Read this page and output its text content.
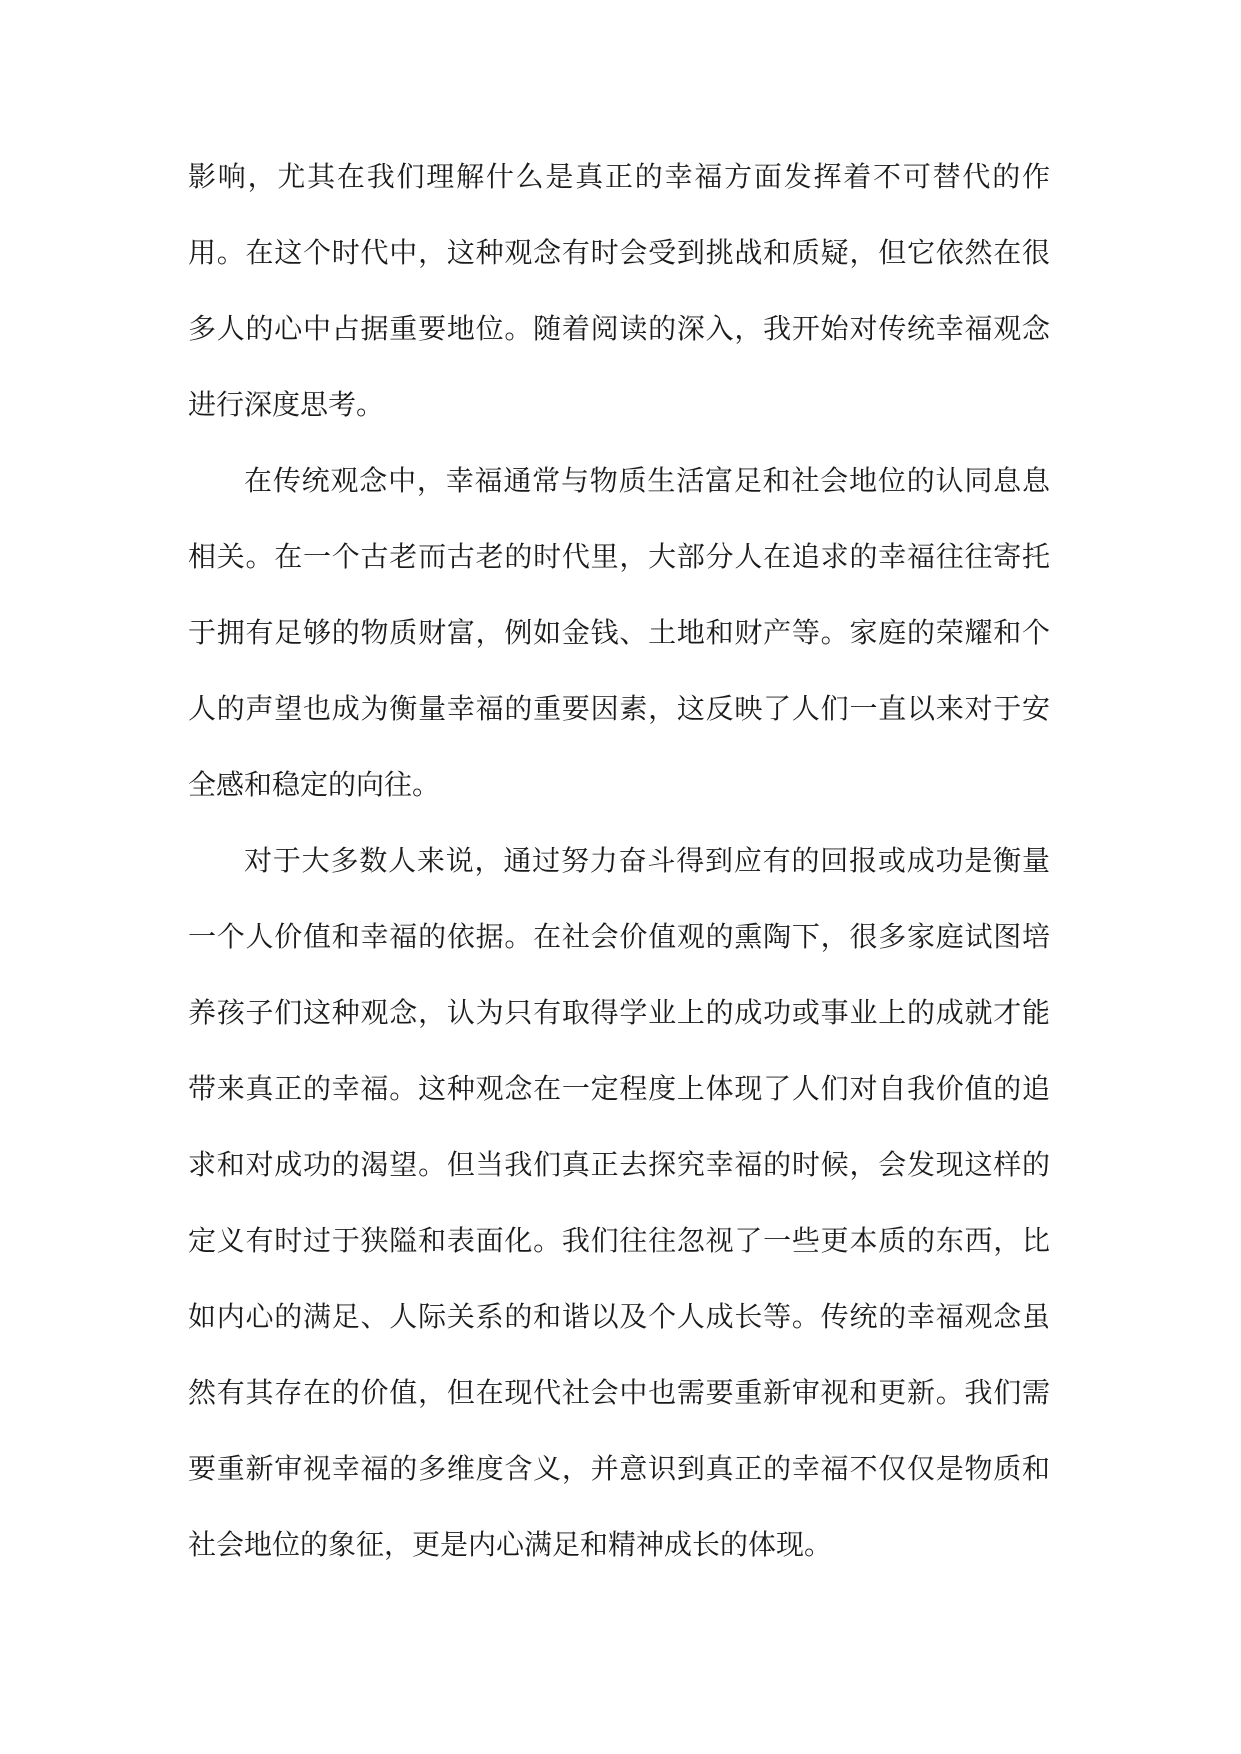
影响，尤其在我们理解什么是真正的幸福方面发挥着不可替代的作用。在这个时代中，这种观念有时会受到挑战和质疑，但它依然在很多人的心中占据重要地位。随着阅读的深入，我开始对传统幸福观念进行深度思考。

在传统观念中，幸福通常与物质生活富足和社会地位的认同息息相关。在一个古老而古老的时代里，大部分人在追求的幸福往往寄托于拥有足够的物质财富，例如金钱、土地和财产等。家庭的荣耀和个人的声望也成为衡量幸福的重要因素，这反映了人们一直以来对于安全感和稳定的向往。

对于大多数人来说，通过努力奋斗得到应有的回报或成功是衡量一个人价值和幸福的依据。在社会价值观的熏陶下，很多家庭试图培养孩子们这种观念，认为只有取得学业上的成功或事业上的成就才能带来真正的幸福。这种观念在一定程度上体现了人们对自我价值的追求和对成功的渴望。但当我们真正去探究幸福的时候，会发现这样的定义有时过于狭隘和表面化。我们往往忽视了一些更本质的东西，比如内心的满足、人际关系的和谐以及个人成长等。传统的幸福观念虽然有其存在的价值，但在现代社会中也需要重新审视和更新。我们需要重新审视幸福的多维度含义，并意识到真正的幸福不仅仅是物质和社会地位的象征，更是内心满足和精神成长的体现。
